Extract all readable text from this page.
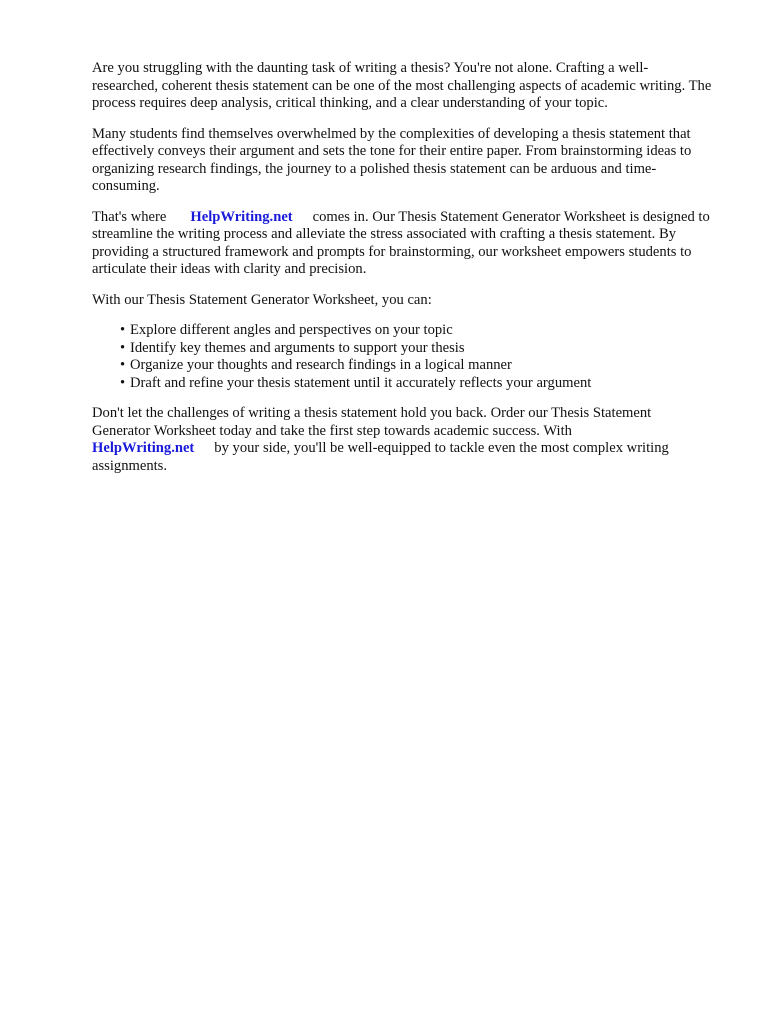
Are you struggling with the daunting task of writing a thesis? You're not alone. Crafting a well-researched, coherent thesis statement can be one of the most challenging aspects of academic writing. The process requires deep analysis, critical thinking, and a clear understanding of your topic.

Many students find themselves overwhelmed by the complexities of developing a thesis statement that effectively conveys their argument and sets the tone for their entire paper. From brainstorming ideas to organizing research findings, the journey to a polished thesis statement can be arduous and time-consuming.

That's where HelpWriting.net comes in. Our Thesis Statement Generator Worksheet is designed to streamline the writing process and alleviate the stress associated with crafting a thesis statement. By providing a structured framework and prompts for brainstorming, our worksheet empowers students to articulate their ideas with clarity and precision.

With our Thesis Statement Generator Worksheet, you can:

• Explore different angles and perspectives on your topic
• Identify key themes and arguments to support your thesis
• Organize your thoughts and research findings in a logical manner
• Draft and refine your thesis statement until it accurately reflects your argument

Don't let the challenges of writing a thesis statement hold you back. Order our Thesis Statement Generator Worksheet today and take the first step towards academic success. With
HelpWriting.net by your side, you'll be well-equipped to tackle even the most complex writing assignments.
